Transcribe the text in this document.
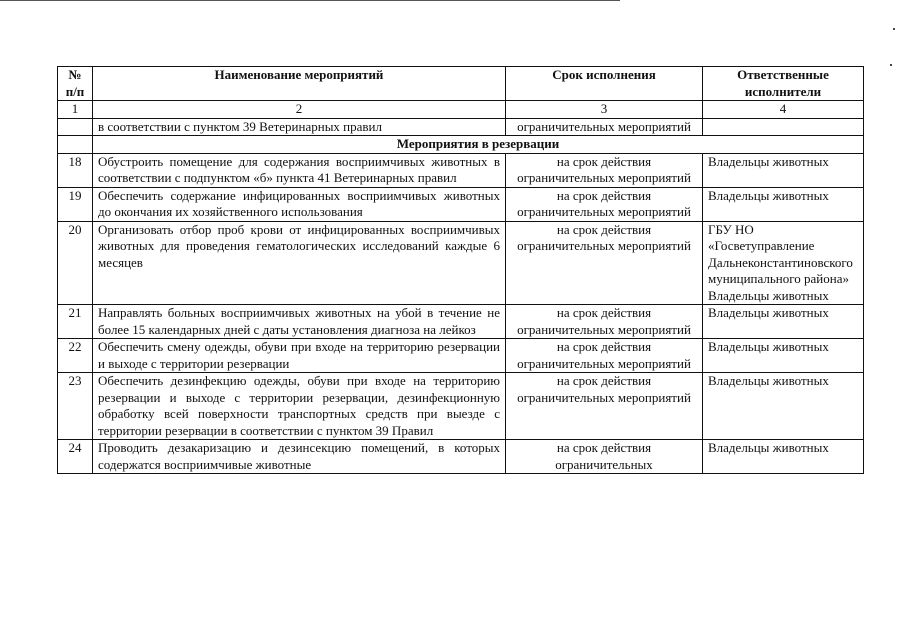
№ п/п	Наименование мероприятий	Срок исполнения	Ответственные исполнители
1	2	3	4
	в соответствии с пунктом 39 Ветеринарных правил	ограничительных мероприятий	
	Мероприятия в резервации		
18	Обустроить помещение для содержания восприимчивых животных в соответствии с подпунктом «б» пункта 41 Ветеринарных правил	на срок действия ограничительных мероприятий	Владельцы животных
19	Обеспечить содержание инфицированных восприимчивых животных до окончания их хозяйственного использования	на срок действия ограничительных мероприятий	Владельцы животных
20	Организовать отбор проб крови от инфицированных восприимчивых животных для проведения гематологических исследований каждые 6 месяцев	на срок действия ограничительных мероприятий	ГБУ НО «Госветуправление Дальнеконстантиновского муниципального района» Владельцы животных
21	Направлять больных восприимчивых животных на убой в течение не более 15 календарных дней с даты установления диагноза на лейкоз	на срок действия ограничительных мероприятий	Владельцы животных
22	Обеспечить смену одежды, обуви при входе на территорию резервации и выходе с территории резервации	на срок действия ограничительных мероприятий	Владельцы животных
23	Обеспечить дезинфекцию одежды, обуви при входе на территорию резервации и выходе с территории резервации, дезинфекционную обработку всей поверхности транспортных средств при выезде с территории резервации в соответствии с пунктом 39 Правил	на срок действия ограничительных мероприятий	Владельцы животных
24	Проводить дезакаризацию и дезинсекцию помещений, в которых содержатся восприимчивые животные	на срок действия ограничительных	Владельцы животных
